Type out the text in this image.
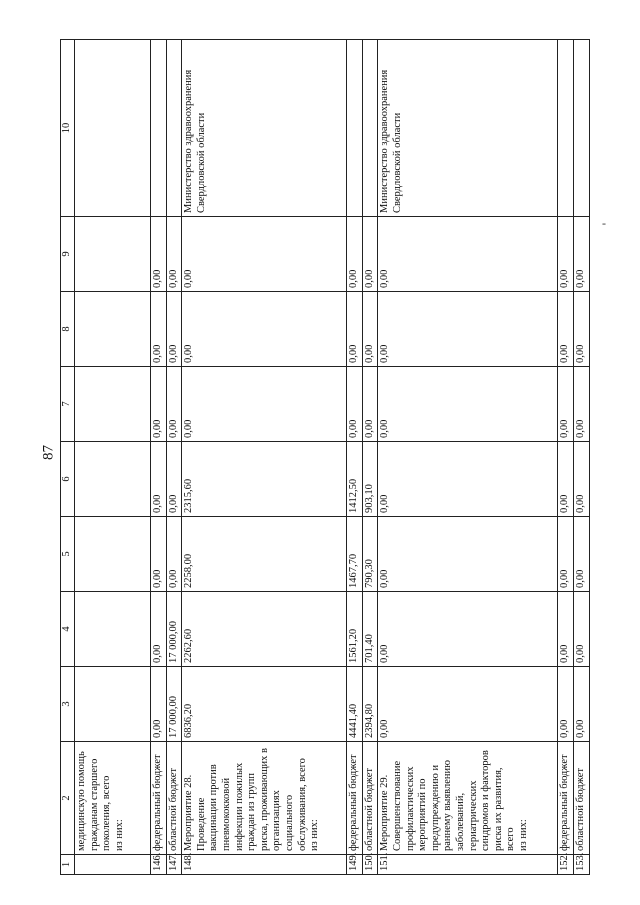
87
-
1	2	3	4	5	6	7	8	9	10
	медицинскую помощь гражданам старшего поколения, всего
из них:								
146.	федеральный бюджет	0,00	0,00	0,00	0,00	0,00	0,00	0,00	
147.	областной бюджет	17 000,00	17 000,00	0,00	0,00	0,00	0,00	0,00	
148.	Мероприятие 28.
Проведение вакцинации против пневмококковой инфекции пожилых граждан из групп риска, проживающих в организациях социального обслуживания, всего
из них:	6836,20	2262,60	2258,00	2315,60	0,00	0,00	0,00	Министерство здравоохранения Свердловской области
149.	федеральный бюджет	4441,40	1561,20	1467,70	1412,50	0,00	0,00	0,00	
150.	областной бюджет	2394,80	701,40	790,30	903,10	0,00	0,00	0,00	
151.	Мероприятие 29.
Совершенствование профилактических мероприятий по предупреждению и раннему выявлению заболеваний, гериатрических синдромов и факторов риска их развития, всего
из них:	0,00	0,00	0,00	0,00	0,00	0,00	0,00	Министерство здравоохранения Свердловской области
152.	федеральный бюджет	0,00	0,00	0,00	0,00	0,00	0,00	0,00	
153.	областной бюджет	0,00	0,00	0,00	0,00	0,00	0,00	0,00	
